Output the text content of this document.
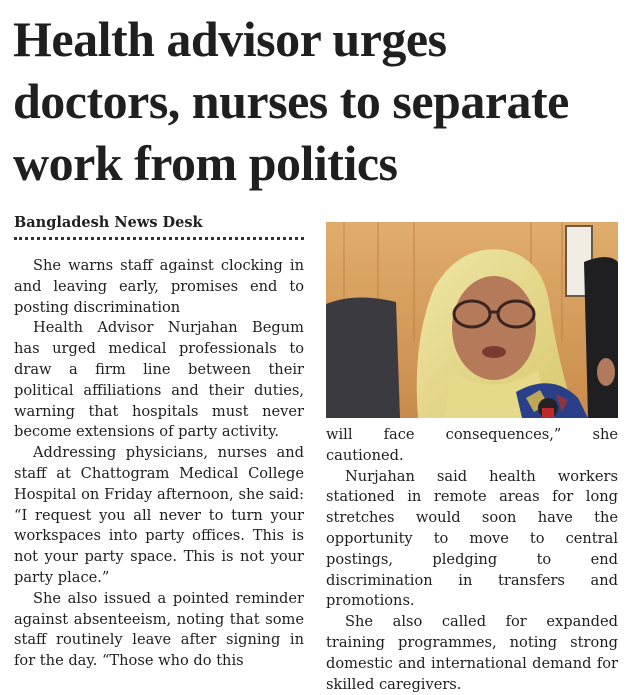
Health advisor urges
doctors, nurses to separate
work from politics
Bangladesh News Desk

She warns staff against clocking in and leaving early, promises end to posting discrimination

Health Advisor Nurjahan Begum has urged medical professionals to draw a firm line between their political affiliations and their duties, warning that hospitals must never become extensions of party activity.

Addressing physicians, nurses and staff at Chattogram Medical College Hospital on Friday afternoon, she said: “I request you all never to turn your workspaces into party offices. This is not your party space. This is not your party place.”

She also issued a pointed reminder against absenteeism, noting that some staff routinely leave after signing in for the day. “Those who do this

will face consequences,” she cautioned.

Nurjahan said health workers stationed in remote areas for long stretches would soon have the opportunity to move to central postings, pledging to end discrimination in transfers and promotions.

She also called for expanded training programmes, noting strong domestic and international demand for skilled caregivers.
